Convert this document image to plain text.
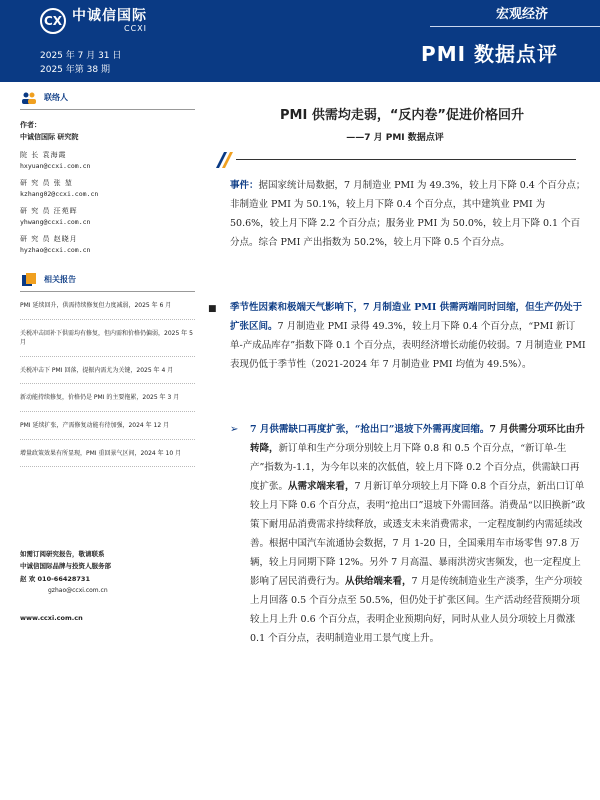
CX 中诚信国际
CCXI
2025 年 7 月 31 日
2025 年第 38 期
宏观经济
PMI 数据点评
联络人
作者：
中诚信国际 研究院
院 长 袁海霞
hxyuan@ccxi.com.cn
研 究 员 张 堃
kzhang02@ccxi.com.cn
研 究 员 汪苑晖
yhwang@ccxi.com.cn
研 究 员 赵晓月
hyzhao@ccxi.com.cn
相关报告
PMI 延续回升，供需持续修复但力度减弱，2025 年 6 月
关税冲击回补下供需均有修复，但内需和价格仍偏弱，2025 年 5 月
关税冲击下 PMI 回落，提振内需尤为关键，2025 年 4 月
新动能持续修复，价格仍是 PMI 的主要拖累，2025 年 3 月
PMI 延续扩张，产需修复动能有待加强，2024 年 12 月
增量政策效果有所显现，PMI 重回景气区间，2024 年 10 月
如需订阅研究报告，敬请联系
中诚信国际品牌与投资人服务部
赵 欢 010-66428731
gzhao@ccxi.com.cn
www.ccxi.com.cn
PMI 供需均走弱，“反内卷”促进价格回升
——7 月 PMI 数据点评
事件：据国家统计局数据，7 月制造业 PMI 为 49.3%，较上月下降 0.4 个百分点；非制造业 PMI 为 50.1%，较上月下降 0.4 个百分点，其中建筑业 PMI 为 50.6%，较上月下降 2.2 个百分点；服务业 PMI 为 50.0%，较上月下降 0.1 个百分点。综合 PMI 产出指数为 50.2%，较上月下降 0.5 个百分点。
■ 季节性因素和极端天气影响下，7 月制造业 PMI 供需两端同时回缩，但生产仍处于扩张区间。7 月制造业 PMI 录得 49.3%，较上月下降 0.4 个百分点，“PMI 新订单-产成品库存”指数下降 0.1 个百分点，表明经济增长动能仍较弱。7 月制造业 PMI 表现仍低于季节性（2021-2024 年 7 月制造业 PMI 均值为 49.5%）。
➢ 7 月供需缺口再度扩张，“抢出口”退坡下外需再度回缩。7 月供需分项环比由升转降，新订单和生产分项分别较上月下降 0.8 和 0.5 个百分点，“新订单-生产”指数为-1.1，为今年以来的次低值，较上月下降 0.2 个百分点，供需缺口再度扩张。从需求端来看，7 月新订单分项较上月下降 0.8 个百分点，新出口订单较上月下降 0.6 个百分点，表明“抢出口”退坡下外需回落。消费品“以旧换新”政策下耐用品消费需求持续释放，或透支未来消费需求，一定程度制约内需延续改善。根据中国汽车流通协会数据，7 月 1-20 日，全国乘用车市场零售 97.8 万辆，较上月同期下降 12%。另外 7 月高温、暴雨洪涝灾害频发，也一定程度上影响了居民消费行为。从供给端来看，7 月是传统制造业生产淡季，生产分项较上月回落 0.5 个百分点至 50.5%，但仍处于扩张区间。生产活动经营预期分项较上月上升 0.6 个百分点，表明企业预期向好，同时从业人员分项较上月微涨 0.1 个百分点，表明制造业用工景气度上升。
